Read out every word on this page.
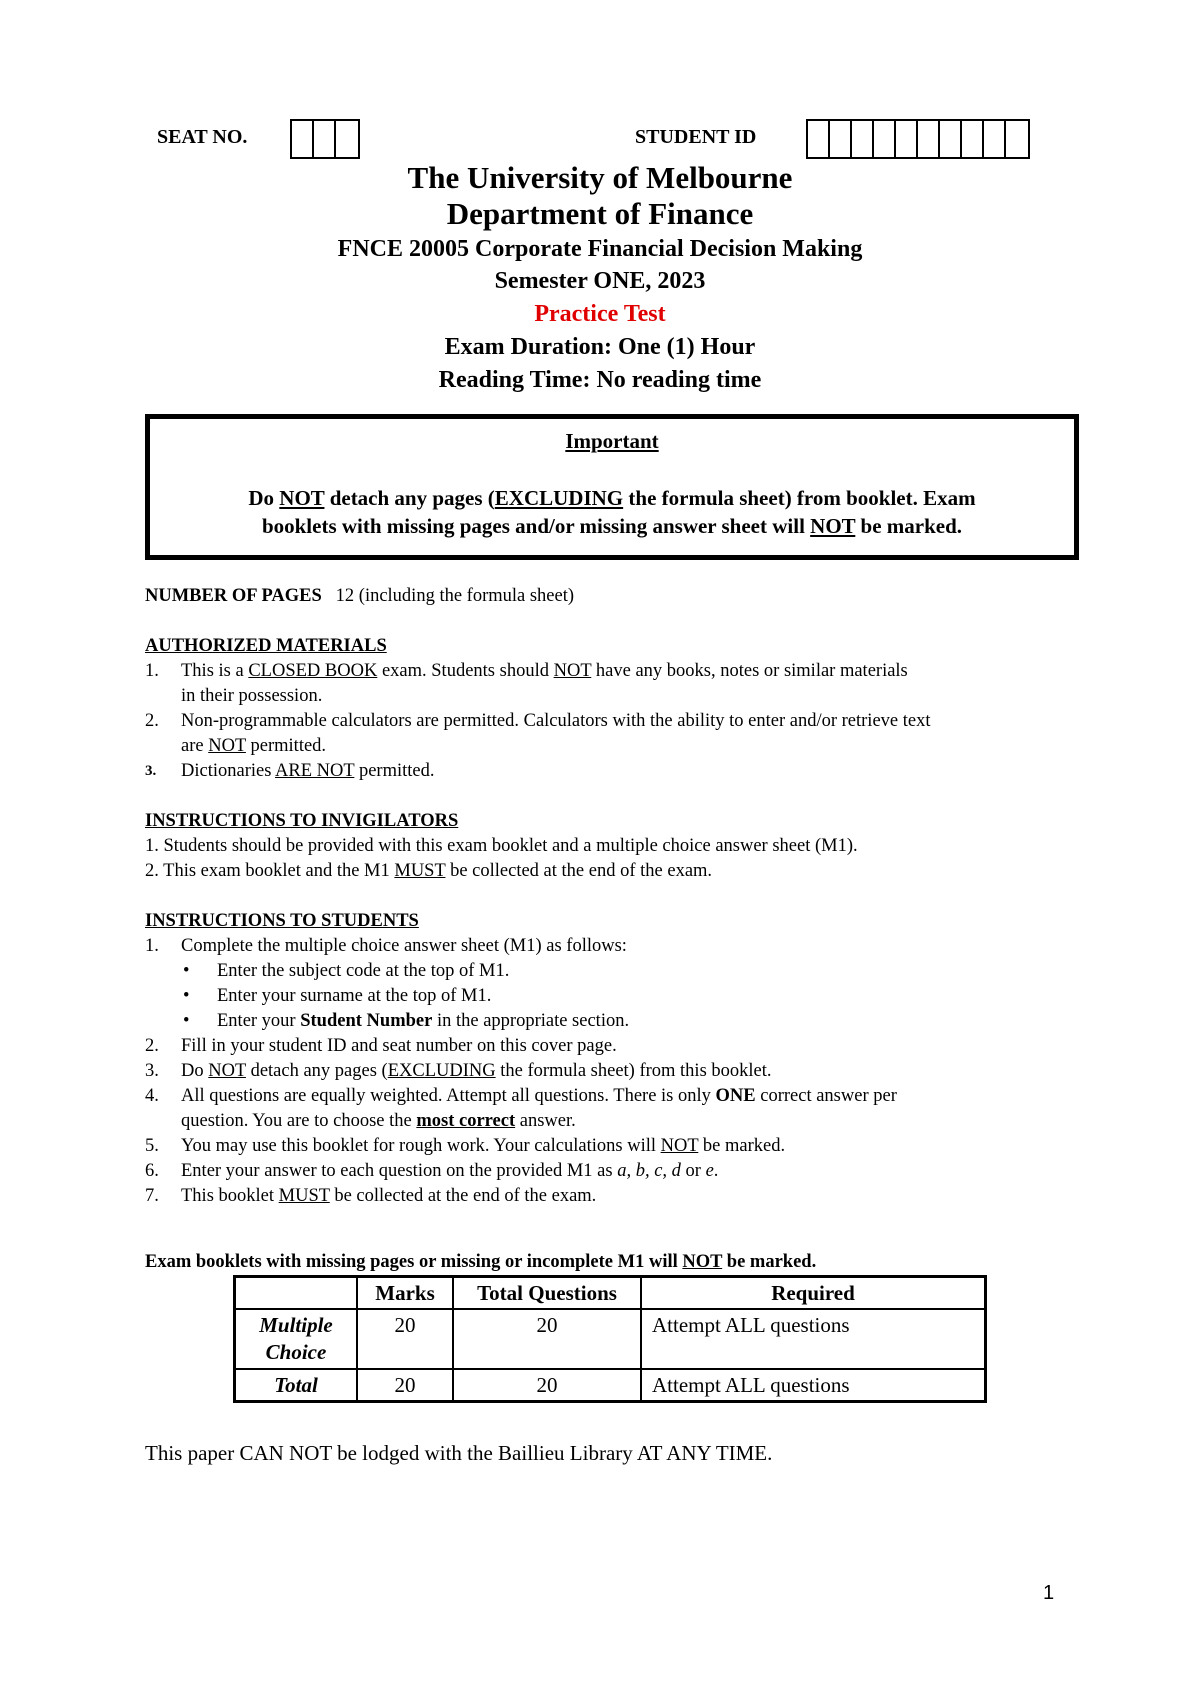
SEAT NO.	STUDENT ID
The University of Melbourne
Department of Finance
FNCE 20005 Corporate Financial Decision Making
Semester ONE, 2023
Practice Test
Exam Duration: One (1) Hour
Reading Time: No reading time
Important
Do NOT detach any pages (EXCLUDING the formula sheet) from booklet. Exam
booklets with missing pages and/or missing answer sheet will NOT be marked.
NUMBER OF PAGES 12 (including the formula sheet)
AUTHORIZED MATERIALS
1. This is a CLOSED BOOK exam. Students should NOT have any books, notes or similar materials
in their possession.
2. Non-programmable calculators are permitted. Calculators with the ability to enter and/or retrieve text
are NOT permitted.
3. Dictionaries ARE NOT permitted.
INSTRUCTIONS TO INVIGILATORS
1. Students should be provided with this exam booklet and a multiple choice answer sheet (M1).
2. This exam booklet and the M1 MUST be collected at the end of the exam.
INSTRUCTIONS TO STUDENTS
1. Complete the multiple choice answer sheet (M1) as follows:
• Enter the subject code at the top of M1.
• Enter your surname at the top of M1.
• Enter your Student Number in the appropriate section.
2. Fill in your student ID and seat number on this cover page.
3. Do NOT detach any pages (EXCLUDING the formula sheet) from this booklet.
4. All questions are equally weighted. Attempt all questions. There is only ONE correct answer per
question. You are to choose the most correct answer.
5. You may use this booklet for rough work. Your calculations will NOT be marked.
6. Enter your answer to each question on the provided M1 as a, b, c, d or e.
7. This booklet MUST be collected at the end of the exam.
Exam booklets with missing pages or missing or incomplete M1 will NOT be marked.
	Marks	Total Questions	Required
Multiple Choice	20	20	Attempt ALL questions
Total	20	20	Attempt ALL questions
This paper CAN NOT be lodged with the Baillieu Library AT ANY TIME.
1
